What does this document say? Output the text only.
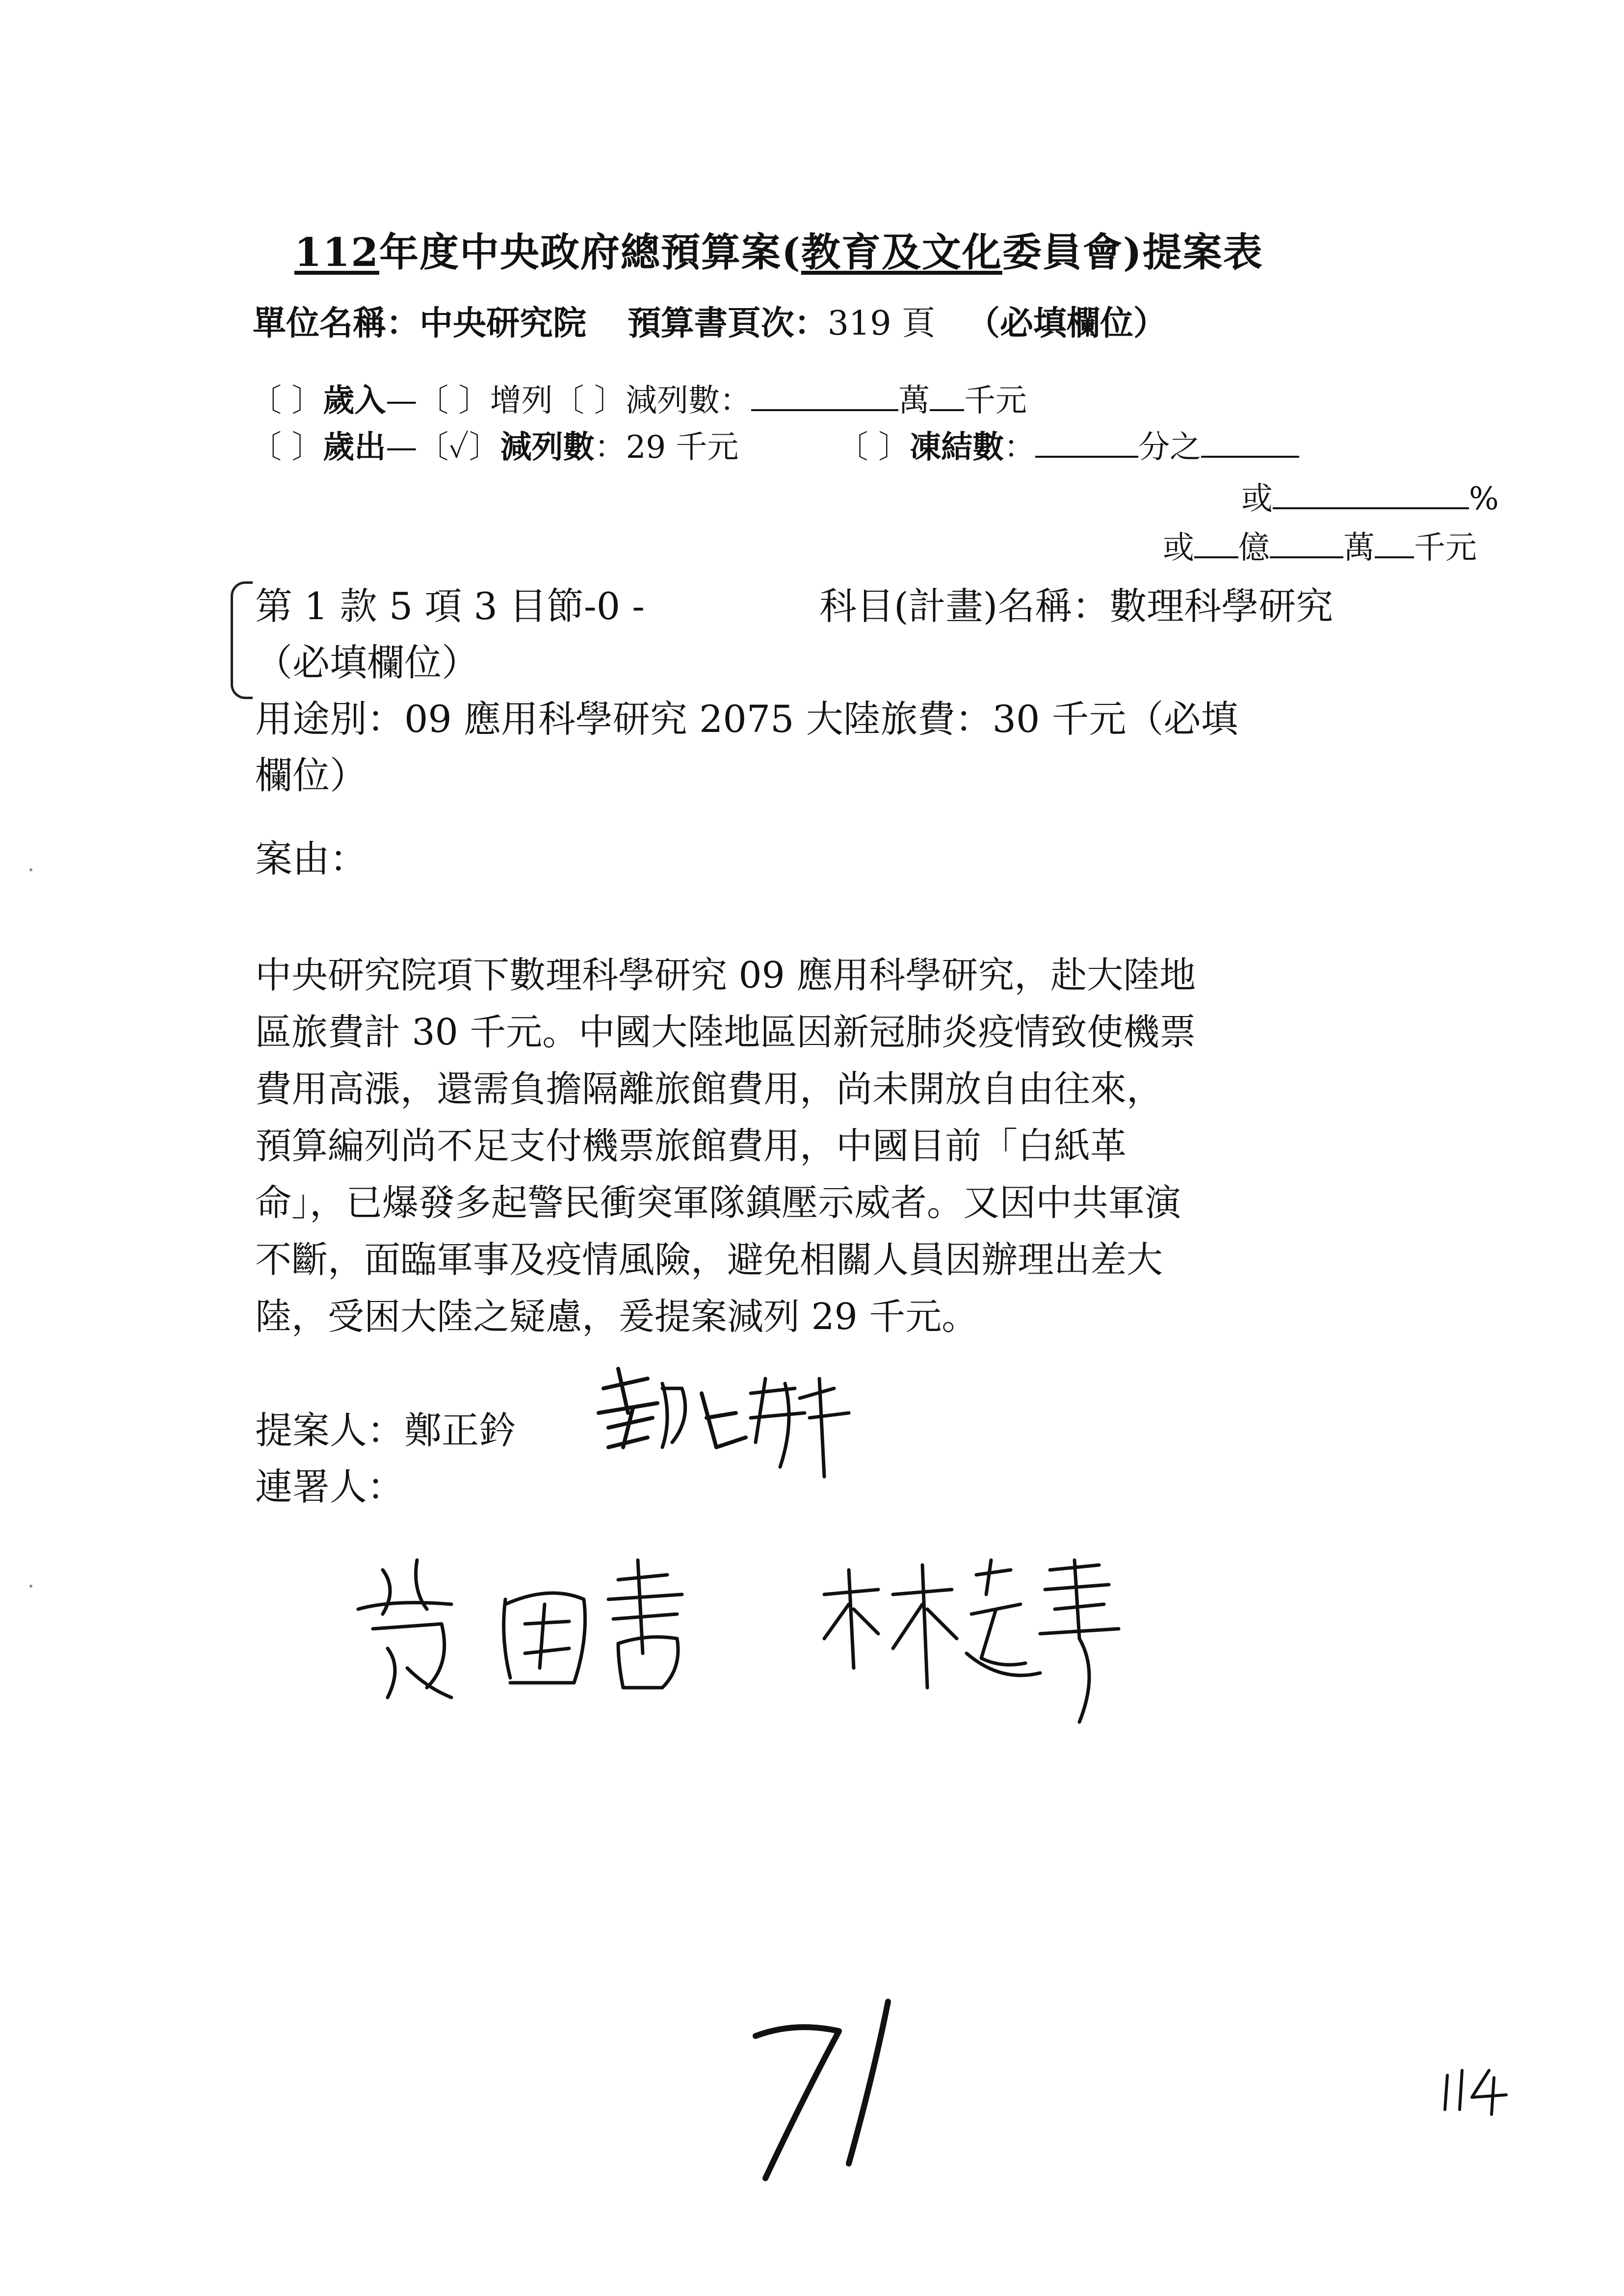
112年度中央政府總預算案(教育及文化委員會)提案表
單位名稱：中央研究院 預算書頁次：319 頁 （必填欄位）
〔 〕歲入—〔 〕增列〔 〕減列數：	萬 千元
〔 〕歲出—〔✓〕減列數：29 千元	〔 〕凍結數：	分之
或	%
或 億 萬 千元
第 1 款 5 項 3 目節-0 -	科目(計畫)名稱：數理科學研究
（必填欄位）
用途別：09 應用科學研究 2075 大陸旅費：30 千元（必填
欄位）
案由：
中央研究院項下數理科學研究 09 應用科學研究，赴大陸地
區旅費計 30 千元。中國大陸地區因新冠肺炎疫情致使機票
費用高漲，還需負擔隔離旅館費用，尚未開放自由往來，
預算編列尚不足支付機票旅館費用，中國目前「白紙革
命」，已爆發多起警民衝突軍隊鎮壓示威者。又因中共軍演
不斷，面臨軍事及疫情風險，避免相關人員因辦理出差大
陸，受困大陸之疑慮，爰提案減列 29 千元。
提案人：鄭正鈐
連署人：
